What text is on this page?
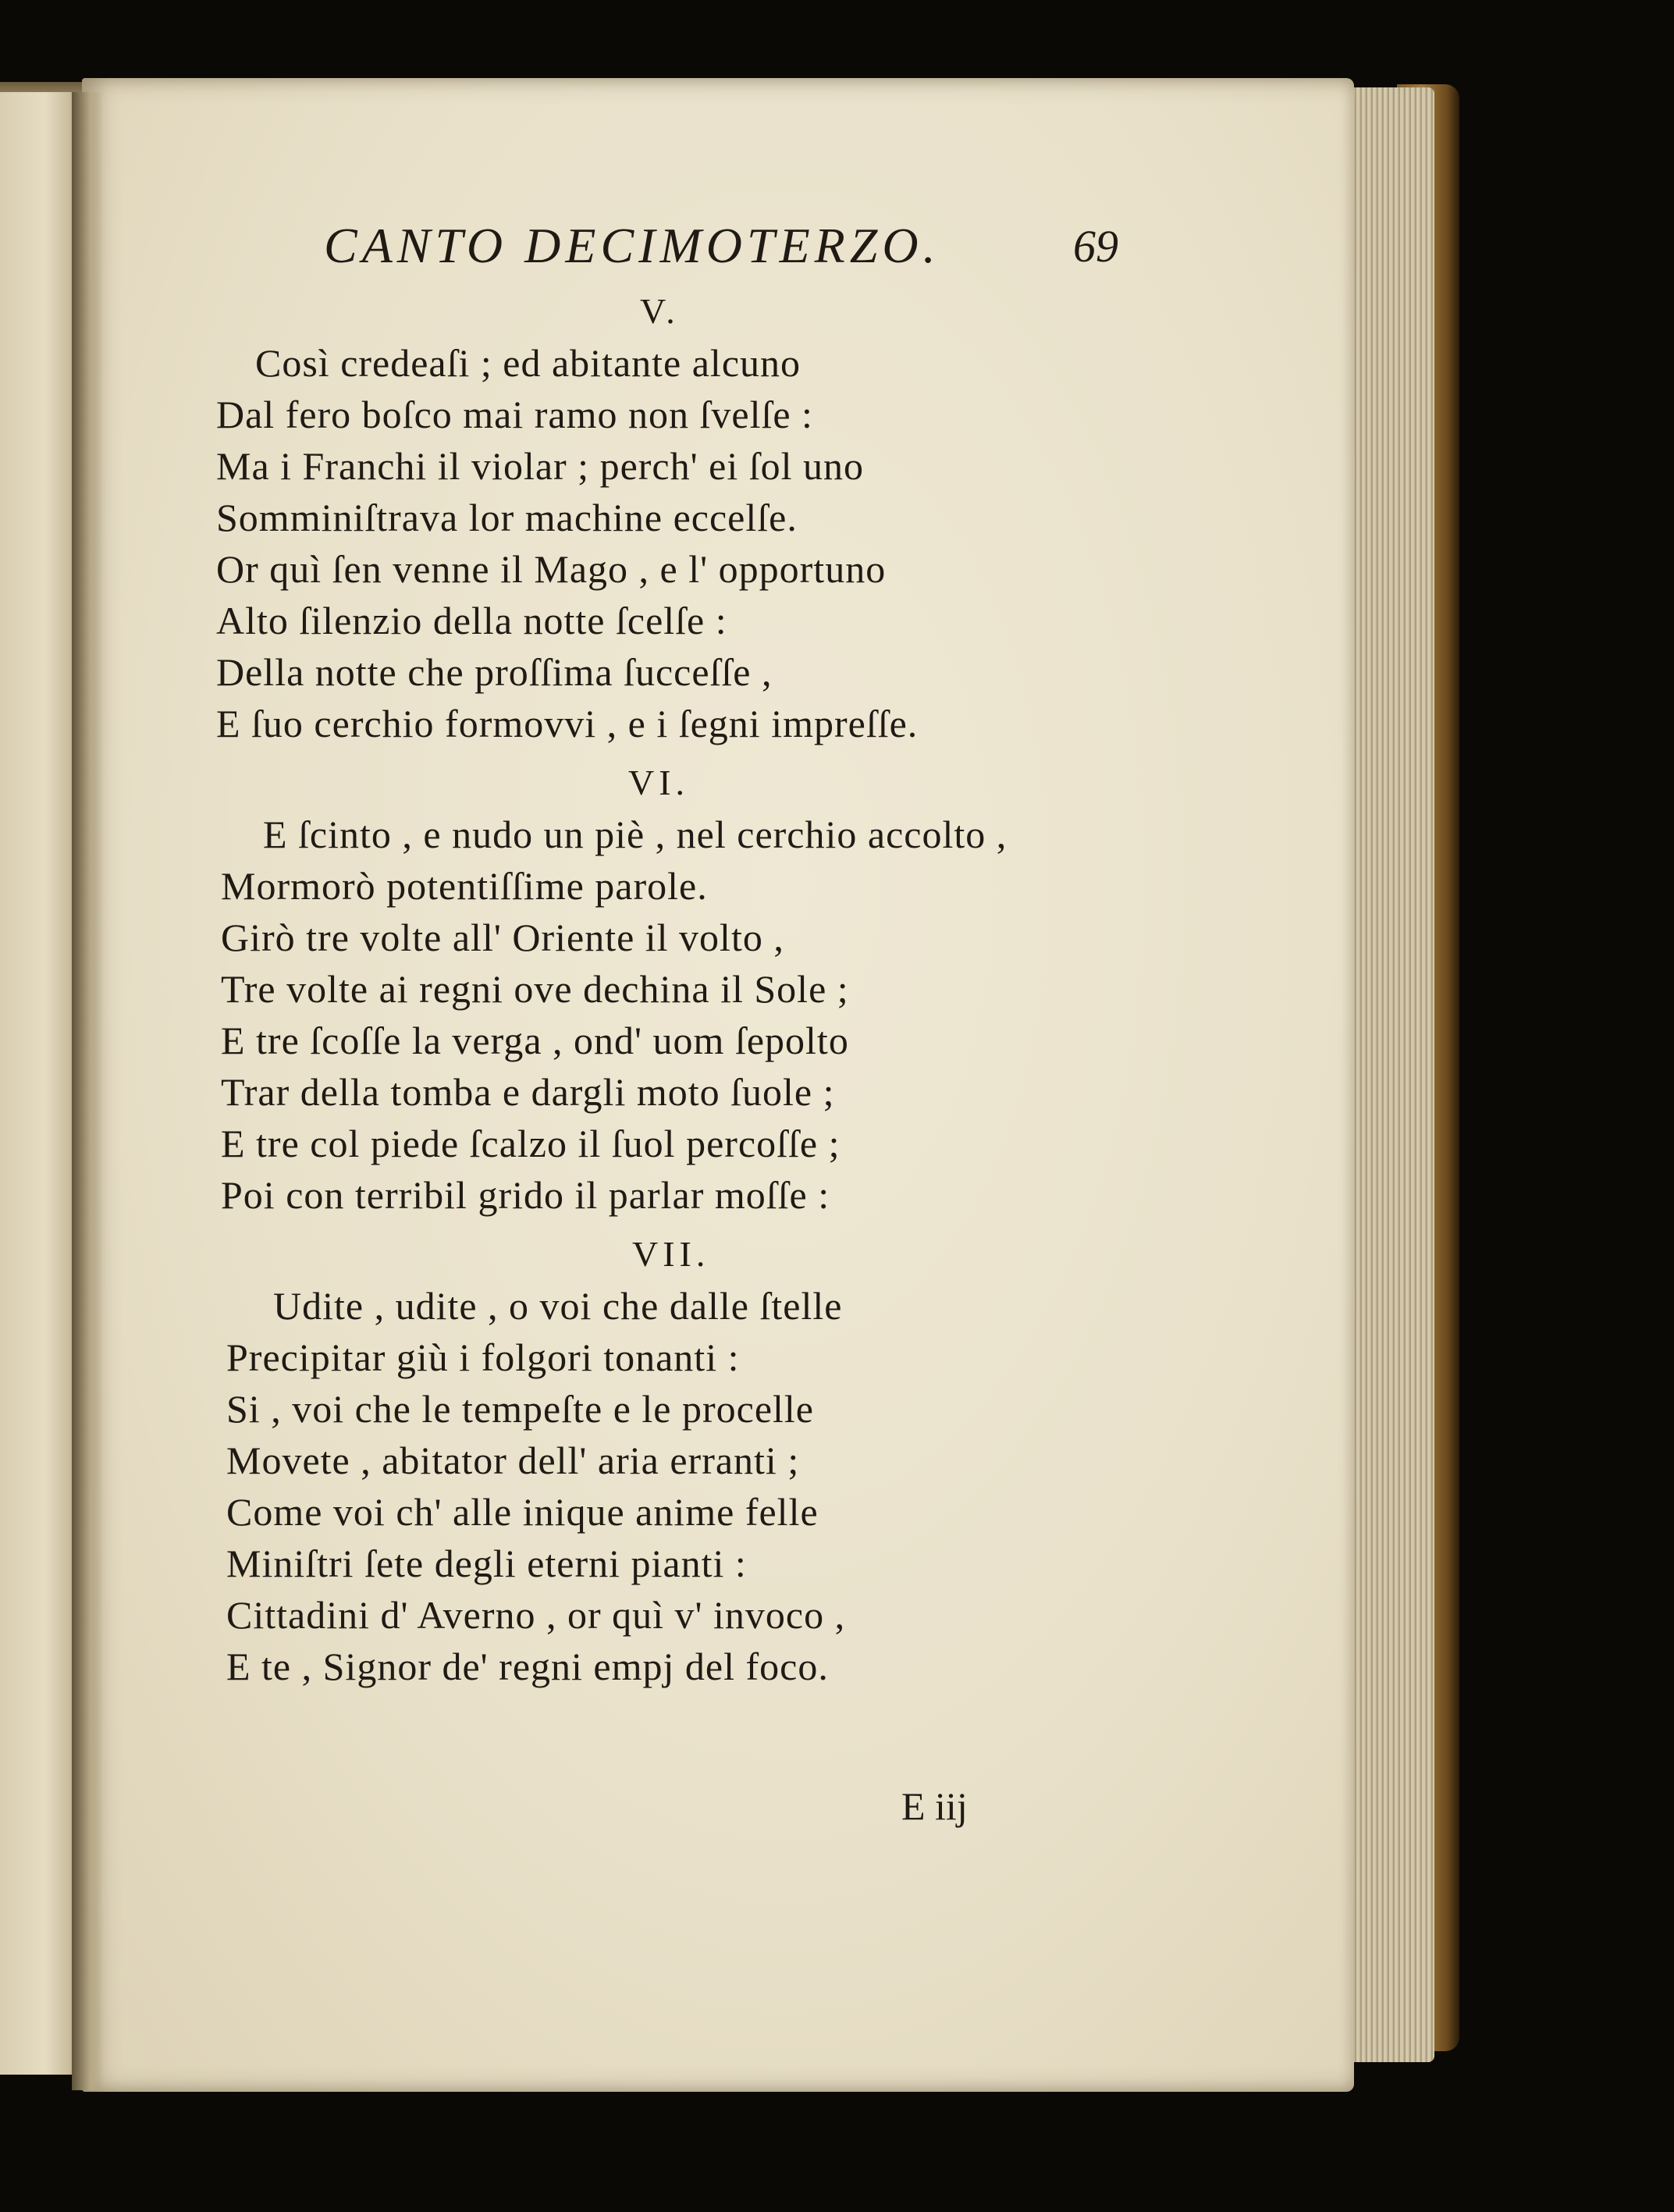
CANTO DECIMOTERZO.	69
V.
Così credeaſi ; ed abitante alcuno
Dal fero boſco mai ramo non ſvelſe :
Ma i Franchi il violar ; perch' ei ſol uno
Somminiſtrava lor machine eccelſe.
Or quì ſen venne il Mago , e l' opportuno
Alto ſilenzio della notte ſcelſe :
Della notte che proſſima ſucceſſe ,
E ſuo cerchio formovvi , e i ſegni impreſſe.
VI.
E ſcinto , e nudo un piè , nel cerchio accolto ,
Mormorò potentiſſime parole.
Girò tre volte all' Oriente il volto ,
Tre volte ai regni ove dechina il Sole ;
E tre ſcoſſe la verga , ond' uom ſepolto
Trar della tomba e dargli moto ſuole ;
E tre col piede ſcalzo il ſuol percoſſe ;
Poi con terribil grido il parlar moſſe :
VII.
Udite , udite , o voi che dalle ſtelle
Precipitar giù i folgori tonanti :
Si , voi che le tempeſte e le procelle
Movete , abitator dell' aria erranti ;
Come voi ch' alle inique anime felle
Miniſtri ſete degli eterni pianti :
Cittadini d' Averno , or quì v' invoco ,
E te , Signor de' regni empj del foco.
E iij
